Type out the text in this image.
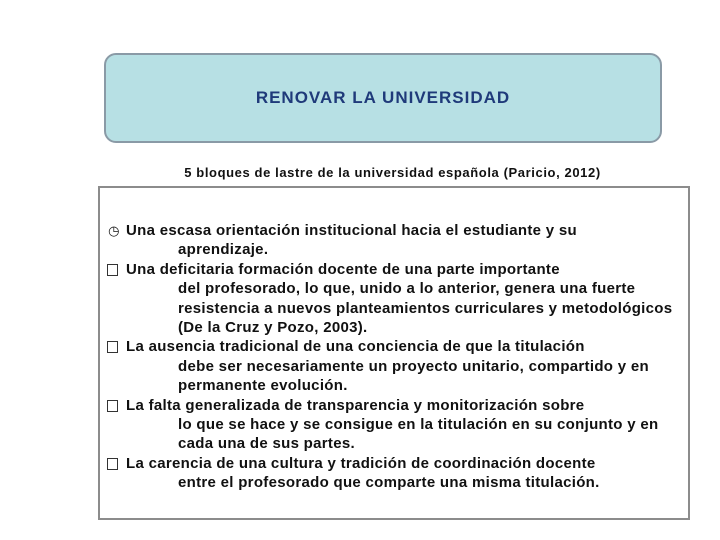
RENOVAR LA UNIVERSIDAD
5 bloques de lastre de la universidad española (Paricio, 2012)
◷ Una escasa orientación institucional hacia el estudiante y su
aprendizaje.
Una deficitaria formación docente de una parte importante
del profesorado, lo que, unido a lo anterior, genera una fuerte resistencia a nuevos planteamientos curriculares y metodológicos (De la Cruz y Pozo, 2003).
La ausencia tradicional de una conciencia de que la titulación
debe ser necesariamente un proyecto unitario, compartido y en permanente evolución.
La falta generalizada de transparencia y monitorización sobre
lo que se hace y se consigue en la titulación en su conjunto y en cada una de sus partes.
La carencia de una cultura y tradición de coordinación docente
entre el profesorado que comparte una misma titulación.
